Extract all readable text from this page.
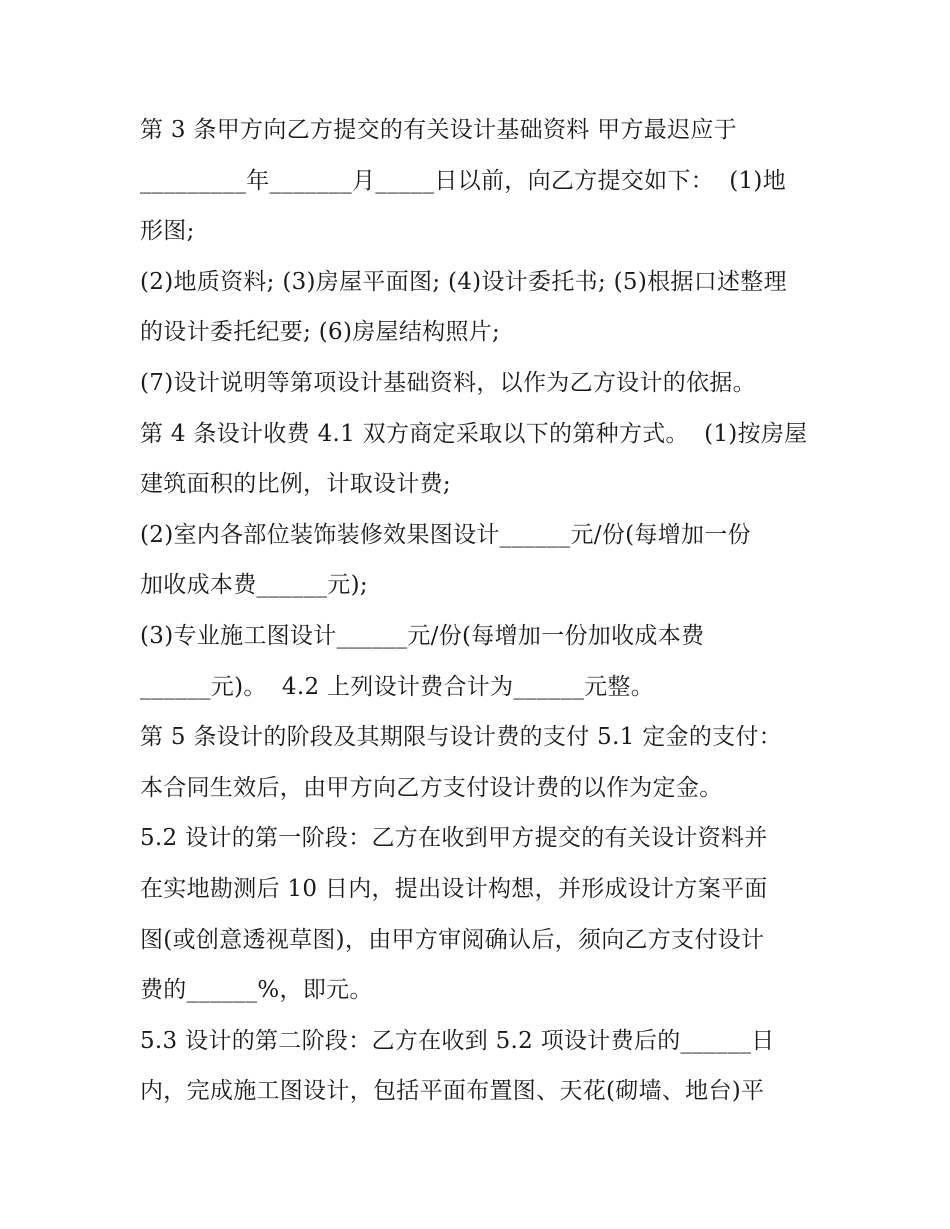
第 3 条甲方向乙方提交的有关设计基础资料 甲方最迟应于
_________年_______月_____日以前，向乙方提交如下：  (1)地
形图;
(2)地质资料; (3)房屋平面图; (4)设计委托书; (5)根据口述整理
的设计委托纪要; (6)房屋结构照片;
(7)设计说明等第项设计基础资料，以作为乙方设计的依据。
第 4 条设计收费 4.1 双方商定采取以下的第种方式。  (1)按房屋
建筑面积的比例，计取设计费;
(2)室内各部位装饰装修效果图设计______元/份(每增加一份
加收成本费______元);
(3)专业施工图设计______元/份(每增加一份加收成本费
______元)。  4.2 上列设计费合计为______元整。
第 5 条设计的阶段及其期限与设计费的支付 5.1 定金的支付：
本合同生效后，由甲方向乙方支付设计费的以作为定金。
5.2 设计的第一阶段：乙方在收到甲方提交的有关设计资料并
在实地勘测后 10 日内，提出设计构想，并形成设计方案平面
图(或创意透视草图)，由甲方审阅确认后，须向乙方支付设计
费的______%，即元。
5.3 设计的第二阶段：乙方在收到 5.2 项设计费后的______日
内，完成施工图设计，包括平面布置图、天花(砌墙、地台)平
